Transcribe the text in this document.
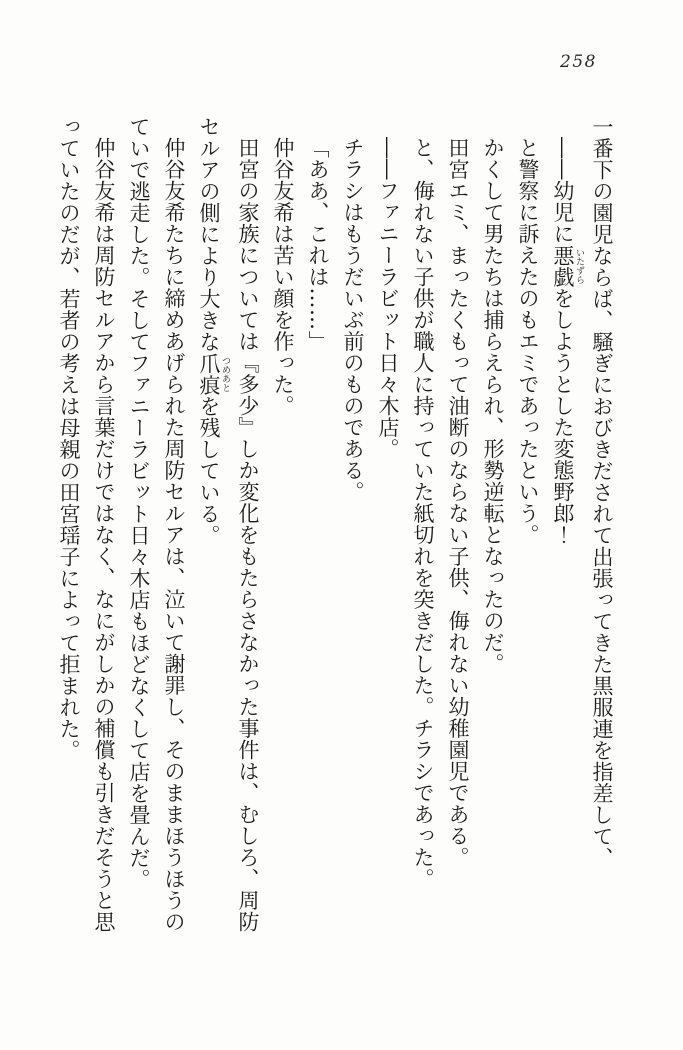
258

一番下の園児ならば、騒ぎにおびきだされて出張ってきた黒服連を指差して、

――幼児に悪戯 いたずらをしようとした変態野郎！

と警察に訴えたのもエミであったという。

かくして男たちは捕らえられ、形勢逆転となったのだ。

田宮エミ、まったくもって油断のならない子供、侮れない幼稚園児である。

と、侮れない子供が職人に持っていた紙切れを突きだした。チラシであった。

――ファニーラビット日々木店。

チラシはもうだいぶ前のものである。

「ああ、これは……」

仲谷友希は苦い顔を作った。

田宮の家族については『多少』しか変化をもたらさなかった事件は、むしろ、周防

セルアの側により大きな爪痕 つめあとを残している。

仲谷友希たちに締めあげられた周防セルアは、泣いて謝罪し、そのままほうほうの

ていで逃走した。そしてファニーラビット日々木店もほどなくして店を畳んだ。

仲谷友希は周防セルアから言葉だけではなく、なにがしかの補償も引きだそうと思

っていたのだが、若者の考えは母親の田宮瑶子によって拒まれた。
